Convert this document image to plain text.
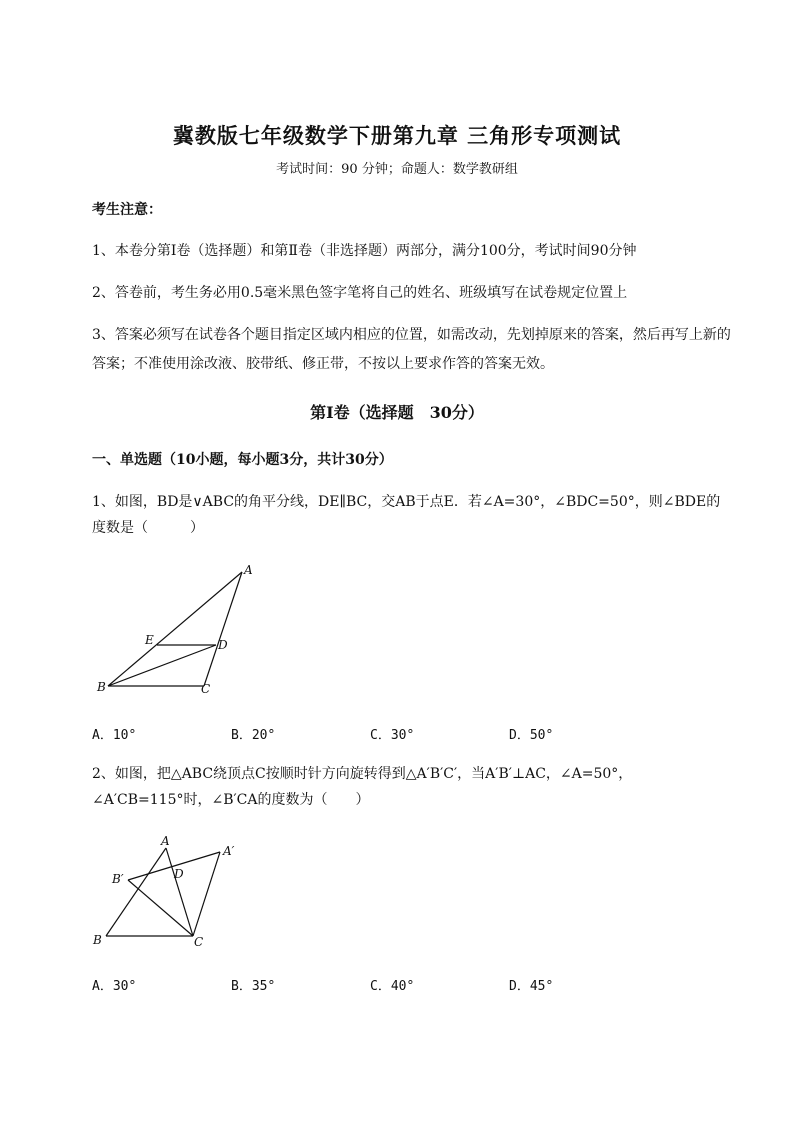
冀教版七年级数学下册第九章 三角形专项测试
考试时间：90 分钟；命题人：数学教研组
考生注意：
1、本卷分第Ⅰ卷（选择题）和第Ⅱ卷（非选择题）两部分，满分100分，考试时间90分钟
2、答卷前，考生务必用0.5毫米黑色签字笔将自己的姓名、班级填写在试卷规定位置上
3、答案必须写在试卷各个题目指定区域内相应的位置，如需改动，先划掉原来的答案，然后再写上新的答案；不准使用涂改液、胶带纸、修正带，不按以上要求作答的答案无效。
第Ⅰ卷（选择题　30分）
一、单选题（10小题，每小题3分，共计30分）
1、如图，BD是∨ABC的角平分线，DE∥BC，交AB于点E．若∠A=30°，∠BDC=50°，则∠BDE的
度数是（　　　）
A
B	C
D
E
A．10°	B．20°	C．30°	D．50°
2、如图，把△ABC绕顶点C按顺时针方向旋转得到△A′B′C′，当A′B′⊥AC，∠A=50°，
∠A′CB=115°时，∠B′CA的度数为（　　）
A
A′
B
B′
C
D
A．30°	B．35°	C．40°	D．45°
